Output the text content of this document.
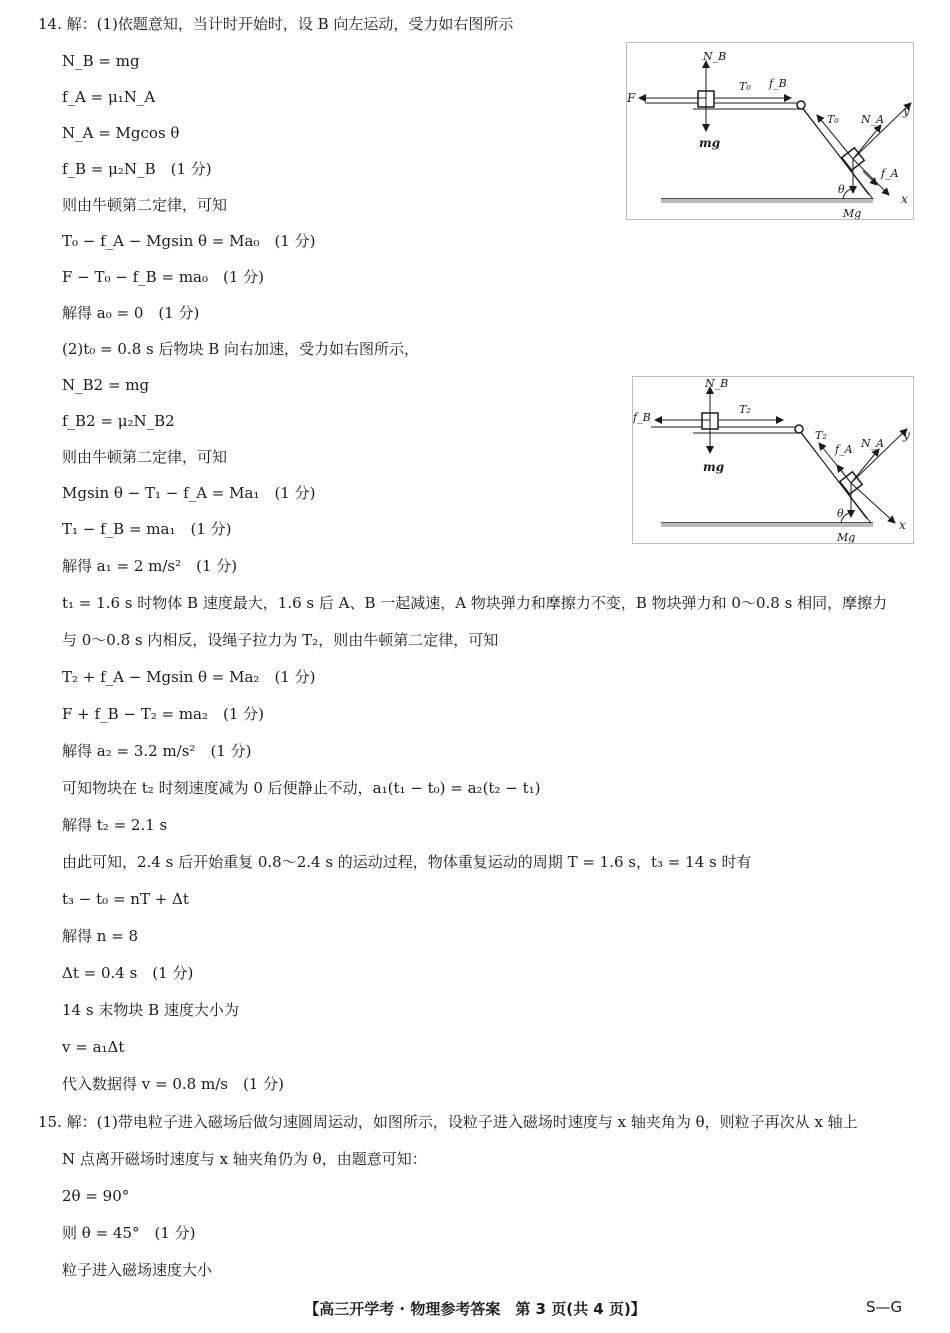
14. 解：(1)依题意知，当计时开始时，设 B 向左运动，受力如右图所示
N_B = mg
f_A = μ₁N_A
N_A = Mgcos θ
f_B = μ₂N_B　(1 分)
则由牛顿第二定律，可知
T₀ − f_A − Mgsin θ = Ma₀　(1 分)
F − T₀ − f_B = ma₀　(1 分)
解得 a₀ = 0　(1 分)
(2)t₀ = 0.8 s 后物块 B 向右加速，受力如右图所示，
N_B2 = mg
f_B2 = μ₂N_B2
则由牛顿第二定律，可知
Mgsin θ − T₁ − f_A = Ma₁　(1 分)
T₁ − f_B = ma₁　(1 分)
解得 a₁ = 2 m/s²　(1 分)
t₁ = 1.6 s 时物体 B 速度最大，1.6 s 后 A、B 一起减速，A 物块弹力和摩擦力不变，B 物块弹力和 0～0.8 s 相同，摩擦力
与 0～0.8 s 内相反，设绳子拉力为 T₂，则由牛顿第二定律，可知
T₂ + f_A − Mgsin θ = Ma₂　(1 分)
F + f_B − T₂ = ma₂　(1 分)
解得 a₂ = 3.2 m/s²　(1 分)
可知物块在 t₂ 时刻速度减为 0 后便静止不动，a₁(t₁ − t₀) = a₂(t₂ − t₁)
解得 t₂ = 2.1 s
由此可知，2.4 s 后开始重复 0.8～2.4 s 的运动过程，物体重复运动的周期 T = 1.6 s，t₃ = 14 s 时有
t₃ − t₀ = nT + Δt
解得 n = 8
Δt = 0.4 s　(1 分)
14 s 末物块 B 速度大小为
v = a₁Δt
代入数据得 v = 0.8 m/s　(1 分)
15. 解：(1)带电粒子进入磁场后做匀速圆周运动，如图所示，设粒子进入磁场时速度与 x 轴夹角为 θ，则粒子再次从 x 轴上
N 点离开磁场时速度与 x 轴夹角仍为 θ，由题意可知：
2θ = 90°
则 θ = 45°　(1 分)
粒子进入磁场速度大小
N_B
T₀ f_B
F
mg
T₀ N_A
y
f_A
θ
Mg
x
N_B
T₂
f_B
mg
T₂
f_A N_A
y
θ
Mg
x
【高三开学考 · 物理参考答案　第 3 页(共 4 页)】	S—G
